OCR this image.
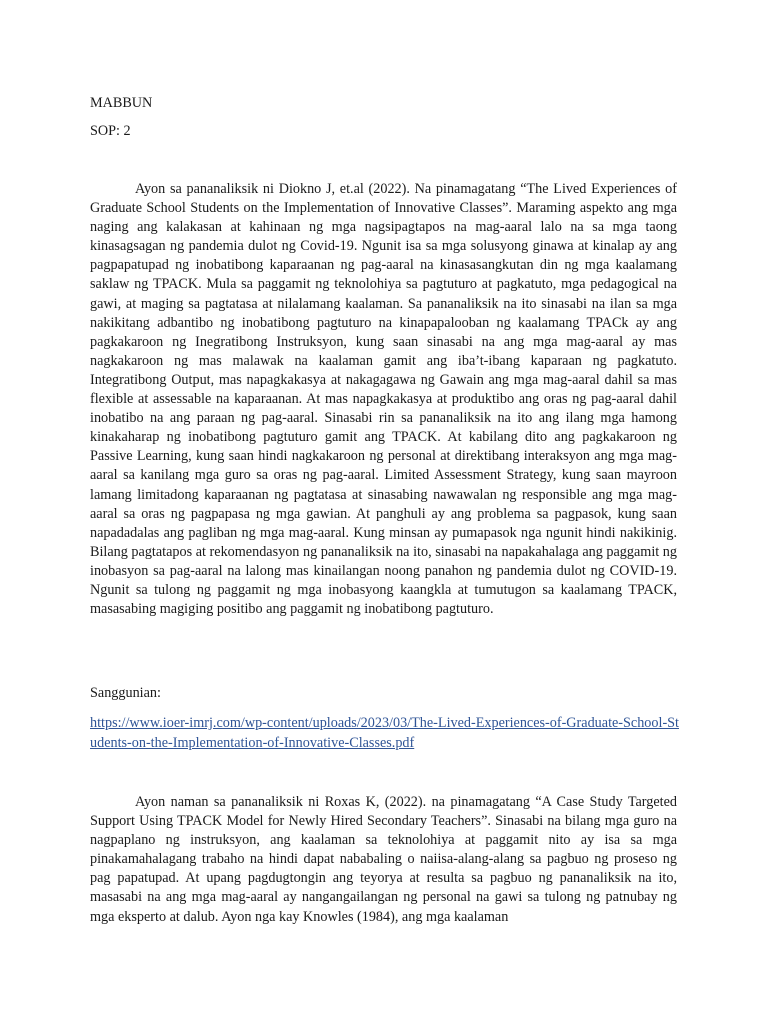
MABBUN
SOP: 2

Ayon sa pananaliksik ni Diokno J, et.al (2022). Na pinamagatang “The Lived Experiences of Graduate School Students on the Implementation of Innovative Classes”. Maraming aspekto ang mga naging ang kalakasan at kahinaan ng mga nagsipagtapos na mag-aaral lalo na sa mga taong kinasagsagan ng pandemia dulot ng Covid-19. Ngunit isa sa mga solusyong ginawa at kinalap ay ang pagpapatupad ng inobatibong kaparaanan ng pag-aaral na kinasasangkutan din ng mga kaalamang saklaw ng TPACK. Mula sa paggamit ng teknolohiya sa pagtuturo at pagkatuto, mga pedagogical na gawi, at maging sa pagtatasa at nilalamang kaalaman. Sa pananaliksik na ito sinasabi na ilan sa mga nakikitang adbantibo ng inobatibong pagtuturo na kinapapalooban ng kaalamang TPACk ay ang pagkakaroon ng Inegratibong Instruksyon, kung saan sinasabi na ang mga mag-aaral ay mas nagkakaroon ng mas malawak na kaalaman gamit ang iba’t-ibang kaparaan ng pagkatuto. Integratibong Output, mas napagkakasya at nakagagawa ng Gawain ang mga mag-aaral dahil sa mas flexible at assessable na kaparaanan. At mas napagkakasya at produktibo ang oras ng pag-aaral dahil inobatibo na ang paraan ng pag-aaral. Sinasabi rin sa pananaliksik na ito ang ilang mga hamong kinakaharap ng inobatibong pagtuturo gamit ang TPACK. At kabilang dito ang pagkakaroon ng Passive Learning, kung saan hindi nagkakaroon ng personal at direktibang interaksyon ang mga mag-aaral sa kanilang mga guro sa oras ng pag-aaral. Limited Assessment Strategy, kung saan mayroon lamang limitadong kaparaanan ng pagtatasa at sinasabing nawawalan ng responsible ang mga mag-aaral sa oras ng pagpapasa ng mga gawian. At panghuli ay ang problema sa pagpasok, kung saan napadadalas ang pagliban ng mga mag-aaral. Kung minsan ay pumapasok nga ngunit hindi nakikinig. Bilang pagtatapos at rekomendasyon ng pananaliksik na ito, sinasabi na napakahalaga ang paggamit ng inobasyon sa pag-aaral na lalong mas kinailangan noong panahon ng pandemia dulot ng COVID-19. Ngunit sa tulong ng paggamit ng mga inobasyong kaangkla at tumutugon sa kaalamang TPACK, masasabing magiging positibo ang paggamit ng inobatibong pagtuturo.

Sanggunian:
https://www.ioer-imrj.com/wp-content/uploads/2023/03/The-Lived-Experiences-of-Graduate-School-Students-on-the-Implementation-of-Innovative-Classes.pdf

Ayon naman sa pananaliksik ni Roxas K, (2022). na pinamagatang “A Case Study Targeted Support Using TPACK Model for Newly Hired Secondary Teachers”. Sinasabi na bilang mga guro na nagpaplano ng instruksyon, ang kaalaman sa teknolohiya at paggamit nito ay isa sa mga pinakamahalagang trabaho na hindi dapat nababaling o naiisa-alang-alang sa pagbuo ng proseso ng pag papatupad. At upang pagdugtongin ang teyorya at resulta sa pagbuo ng pananaliksik na ito, masasabi na ang mga mag-aaral ay nangangailangan ng personal na gawi sa tulong ng patnubay ng mga eksperto at dalub. Ayon nga kay Knowles (1984), ang mga kaalaman
